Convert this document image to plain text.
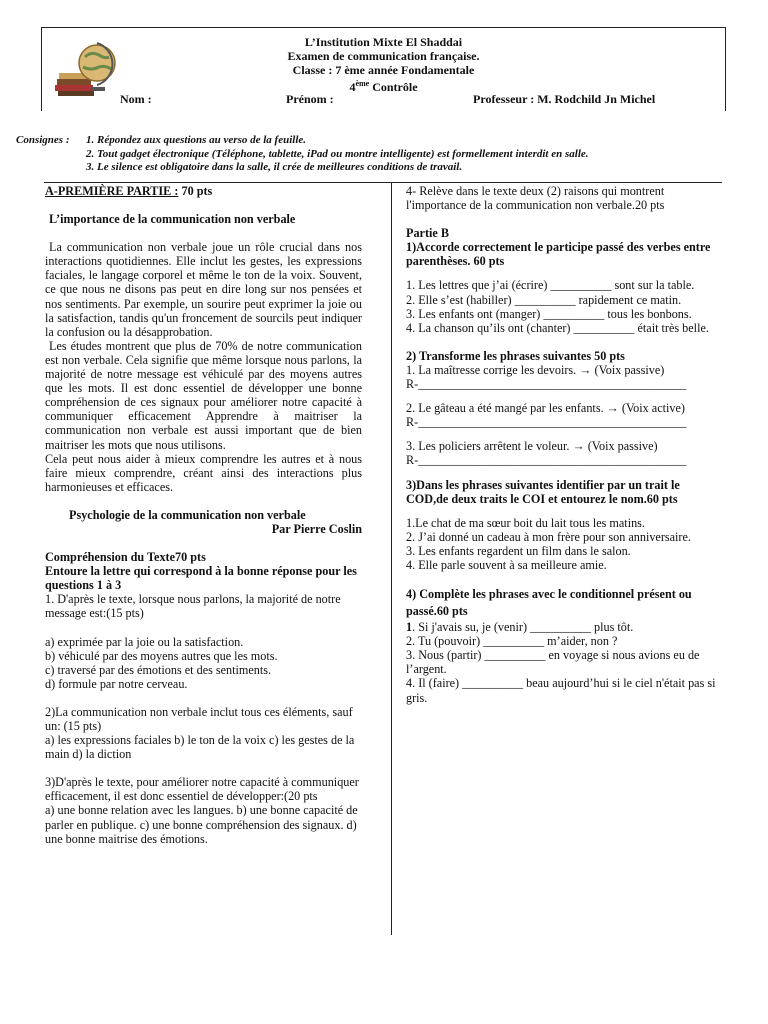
L’Institution Mixte El Shaddai
Examen de communication française.
Classe : 7 ème année Fondamentale
4ème Contrôle
Nom :	Prénom :	Professeur : M. Rodchild Jn Michel
Consignes : 1. Répondez aux questions au verso de la feuille.
2. Tout gadget électronique (Téléphone, tablette, iPad ou montre intelligente) est formellement interdit en salle.
3. Le silence est obligatoire dans la salle, il crée de meilleures conditions de travail.

A-PREMIÈRE PARTIE : 70 pts

L’importance de la communication non verbale

La communication non verbale joue un rôle crucial dans nos interactions quotidiennes. Elle inclut les gestes, les expressions faciales, le langage corporel et même le ton de la voix. Souvent, ce que nous ne disons pas peut en dire long sur nos pensées et nos sentiments. Par exemple, un sourire peut exprimer la joie ou la satisfaction, tandis qu'un froncement de sourcils peut indiquer la confusion ou la désapprobation.

Les études montrent que plus de 70% de notre communication est non verbale. Cela signifie que même lorsque nous parlons, la majorité de notre message est véhiculé par des moyens autres que les mots. Il est donc essentiel de développer une bonne compréhension de ces signaux pour améliorer notre capacité à communiquer efficacement Apprendre à maitriser la communication non verbale est aussi important que de bien maitriser les mots que nous utilisons.

Cela peut nous aider à mieux comprendre les autres et à nous faire mieux comprendre, créant ainsi des interactions plus harmonieuses et efficaces.

Psychologie de la communication non verbale

Par Pierre Coslin

Compréhension du Texte70 pts

Entoure la lettre qui correspond à la bonne réponse pour les questions 1 à 3

1. D'après le texte, lorsque nous parlons, la majorité de notre message est:(15 pts)

a) exprimée par la joie ou la satisfaction.

b) véhiculé par des moyens autres que les mots.

c) traversé par des émotions et des sentiments.

d) formule par notre cerveau.

2)La communication non verbale inclut tous ces éléments, sauf un: (15 pts)

a) les expressions faciales b) le ton de la voix c) les gestes de la main d) la diction

3)D'après le texte, pour améliorer notre capacité à communiquer efficacement, il est donc essentiel de développer:(20 pts

a) une bonne relation avec les langues. b) une bonne capacité de parler en publique. c) une bonne compréhension des signaux. d) une bonne maitrise des émotions.

4- Relève dans le texte deux (2) raisons qui montrent l'importance de la communication non verbale.20 pts

Partie B

1)Accorde correctement le participe passé des verbes entre parenthèses. 60 pts

1. Les lettres que j’ai (écrire) __________ sont sur la table.

2. Elle s’est (habiller) __________ rapidement ce matin.

3. Les enfants ont (manger) __________ tous les bonbons.

4. La chanson qu’ils ont (chanter) __________ était très belle.

2) Transforme les phrases suivantes 50 pts

1. La maîtresse corrige les devoirs. → (Voix passive)

R-____________________________________________

2. Le gâteau a été mangé par les enfants. → (Voix active)

R-____________________________________________

3. Les policiers arrêtent le voleur. → (Voix passive)

R-____________________________________________

3)Dans les phrases suivantes identifier par un trait le COD,de deux traits le COI et entourez le nom.60 pts

1.Le chat de ma sœur boit du lait tous les matins.

2. J’ai donné un cadeau à mon frère pour son anniversaire.

3. Les enfants regardent un film dans le salon.

4. Elle parle souvent à sa meilleure amie.

4) Complète les phrases avec le conditionnel présent ou passé.60 pts

1. Si j'avais su, je (venir) __________ plus tôt.

2. Tu (pouvoir) __________ m’aider, non ?

3. Nous (partir) __________ en voyage si nous avions eu de l’argent.

4. Il (faire) __________ beau aujourd’hui si le ciel n'était pas si gris.
